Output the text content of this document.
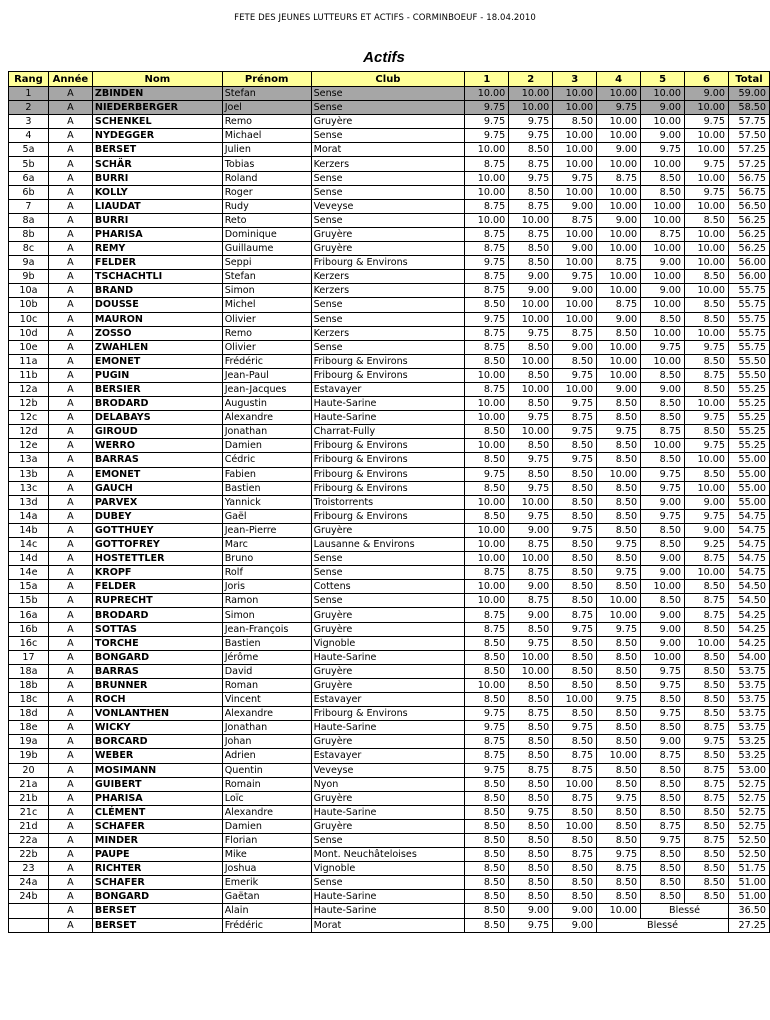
FETE DES JEUNES LUTTEURS ET ACTIFS - CORMINBOEUF - 18.04.2010
Actifs
Rang	Année	Nom	Prénom	Club	1	2	3	4	5	6	Total
1	A	ZBINDEN	Stefan	Sense	10.00	10.00	10.00	10.00	10.00	9.00	59.00
2	A	NIEDERBERGER	Joel	Sense	9.75	10.00	10.00	9.75	9.00	10.00	58.50
3	A	SCHENKEL	Remo	Gruyère	9.75	9.75	8.50	10.00	10.00	9.75	57.75
4	A	NYDEGGER	Michael	Sense	9.75	9.75	10.00	10.00	9.00	10.00	57.50
5a	A	BERSET	Julien	Morat	10.00	8.50	10.00	9.00	9.75	10.00	57.25
5b	A	SCHÄR	Tobias	Kerzers	8.75	8.75	10.00	10.00	10.00	9.75	57.25
6a	A	BURRI	Roland	Sense	10.00	9.75	9.75	8.75	8.50	10.00	56.75
6b	A	KOLLY	Roger	Sense	10.00	8.50	10.00	10.00	8.50	9.75	56.75
7	A	LIAUDAT	Rudy	Veveyse	8.75	8.75	9.00	10.00	10.00	10.00	56.50
8a	A	BURRI	Reto	Sense	10.00	10.00	8.75	9.00	10.00	8.50	56.25
8b	A	PHARISA	Dominique	Gruyère	8.75	8.75	10.00	10.00	8.75	10.00	56.25
8c	A	REMY	Guillaume	Gruyère	8.75	8.50	9.00	10.00	10.00	10.00	56.25
9a	A	FELDER	Seppi	Fribourg & Environs	9.75	8.50	10.00	8.75	9.00	10.00	56.00
9b	A	TSCHACHTLI	Stefan	Kerzers	8.75	9.00	9.75	10.00	10.00	8.50	56.00
10a	A	BRAND	Simon	Kerzers	8.75	9.00	9.00	10.00	9.00	10.00	55.75
10b	A	DOUSSE	Michel	Sense	8.50	10.00	10.00	8.75	10.00	8.50	55.75
10c	A	MAURON	Olivier	Sense	9.75	10.00	10.00	9.00	8.50	8.50	55.75
10d	A	ZOSSO	Remo	Kerzers	8.75	9.75	8.75	8.50	10.00	10.00	55.75
10e	A	ZWAHLEN	Olivier	Sense	8.75	8.50	9.00	10.00	9.75	9.75	55.75
11a	A	EMONET	Frédéric	Fribourg & Environs	8.50	10.00	8.50	10.00	10.00	8.50	55.50
11b	A	PUGIN	Jean-Paul	Fribourg & Environs	10.00	8.50	9.75	10.00	8.50	8.75	55.50
12a	A	BERSIER	Jean-Jacques	Estavayer	8.75	10.00	10.00	9.00	9.00	8.50	55.25
12b	A	BRODARD	Augustin	Haute-Sarine	10.00	8.50	9.75	8.50	8.50	10.00	55.25
12c	A	DELABAYS	Alexandre	Haute-Sarine	10.00	9.75	8.75	8.50	8.50	9.75	55.25
12d	A	GIROUD	Jonathan	Charrat-Fully	8.50	10.00	9.75	9.75	8.75	8.50	55.25
12e	A	WERRO	Damien	Fribourg & Environs	10.00	8.50	8.50	8.50	10.00	9.75	55.25
13a	A	BARRAS	Cédric	Fribourg & Environs	8.50	9.75	9.75	8.50	8.50	10.00	55.00
13b	A	EMONET	Fabien	Fribourg & Environs	9.75	8.50	8.50	10.00	9.75	8.50	55.00
13c	A	GAUCH	Bastien	Fribourg & Environs	8.50	9.75	8.50	8.50	9.75	10.00	55.00
13d	A	PARVEX	Yannick	Troistorrents	10.00	10.00	8.50	8.50	9.00	9.00	55.00
14a	A	DUBEY	Gaël	Fribourg & Environs	8.50	9.75	8.50	8.50	9.75	9.75	54.75
14b	A	GOTTHUEY	Jean-Pierre	Gruyère	10.00	9.00	9.75	8.50	8.50	9.00	54.75
14c	A	GOTTOFREY	Marc	Lausanne & Environs	10.00	8.75	8.50	9.75	8.50	9.25	54.75
14d	A	HOSTETTLER	Bruno	Sense	10.00	10.00	8.50	8.50	9.00	8.75	54.75
14e	A	KROPF	Rolf	Sense	8.75	8.75	8.50	9.75	9.00	10.00	54.75
15a	A	FELDER	Joris	Cottens	10.00	9.00	8.50	8.50	10.00	8.50	54.50
15b	A	RUPRECHT	Ramon	Sense	10.00	8.75	8.50	10.00	8.50	8.75	54.50
16a	A	BRODARD	Simon	Gruyère	8.75	9.00	8.75	10.00	9.00	8.75	54.25
16b	A	SOTTAS	Jean-François	Gruyère	8.75	8.50	9.75	9.75	9.00	8.50	54.25
16c	A	TORCHE	Bastien	Vignoble	8.50	9.75	8.50	8.50	9.00	10.00	54.25
17	A	BONGARD	Jérôme	Haute-Sarine	8.50	10.00	8.50	8.50	10.00	8.50	54.00
18a	A	BARRAS	David	Gruyère	8.50	10.00	8.50	8.50	9.75	8.50	53.75
18b	A	BRUNNER	Roman	Gruyère	10.00	8.50	8.50	8.50	9.75	8.50	53.75
18c	A	ROCH	Vincent	Estavayer	8.50	8.50	10.00	9.75	8.50	8.50	53.75
18d	A	VONLANTHEN	Alexandre	Fribourg & Environs	9.75	8.75	8.50	8.50	9.75	8.50	53.75
18e	A	WICKY	Jonathan	Haute-Sarine	9.75	8.50	9.75	8.50	8.50	8.75	53.75
19a	A	BORCARD	Johan	Gruyère	8.75	8.50	8.50	8.50	9.00	9.75	53.25
19b	A	WEBER	Adrien	Estavayer	8.75	8.50	8.75	10.00	8.75	8.50	53.25
20	A	MOSIMANN	Quentin	Veveyse	9.75	8.75	8.75	8.50	8.50	8.75	53.00
21a	A	GUIBERT	Romain	Nyon	8.50	8.50	10.00	8.50	8.50	8.75	52.75
21b	A	PHARISA	Loïc	Gruyère	8.50	8.50	8.75	9.75	8.50	8.75	52.75
21c	A	CLÉMENT	Alexandre	Haute-Sarine	8.50	9.75	8.50	8.50	8.50	8.50	52.75
21d	A	SCHAFER	Damien	Gruyère	8.50	8.50	10.00	8.50	8.75	8.50	52.75
22a	A	MINDER	Florian	Sense	8.50	8.50	8.50	8.50	9.75	8.75	52.50
22b	A	PAUPE	Mike	Mont. Neuchâteloises	8.50	8.50	8.75	9.75	8.50	8.50	52.50
23	A	RICHTER	Joshua	Vignoble	8.50	8.50	8.50	8.75	8.50	8.50	51.75
24a	A	SCHAFER	Emerik	Sense	8.50	8.50	8.50	8.50	8.50	8.50	51.00
24b	A	BONGARD	Gaëtan	Haute-Sarine	8.50	8.50	8.50	8.50	8.50	8.50	51.00
	A	BERSET	Alain	Haute-Sarine	8.50	9.00	9.00	10.00	Blessé		36.50
	A	BERSET	Frédéric	Morat	8.50	9.75	9.00	Blessé			27.25
